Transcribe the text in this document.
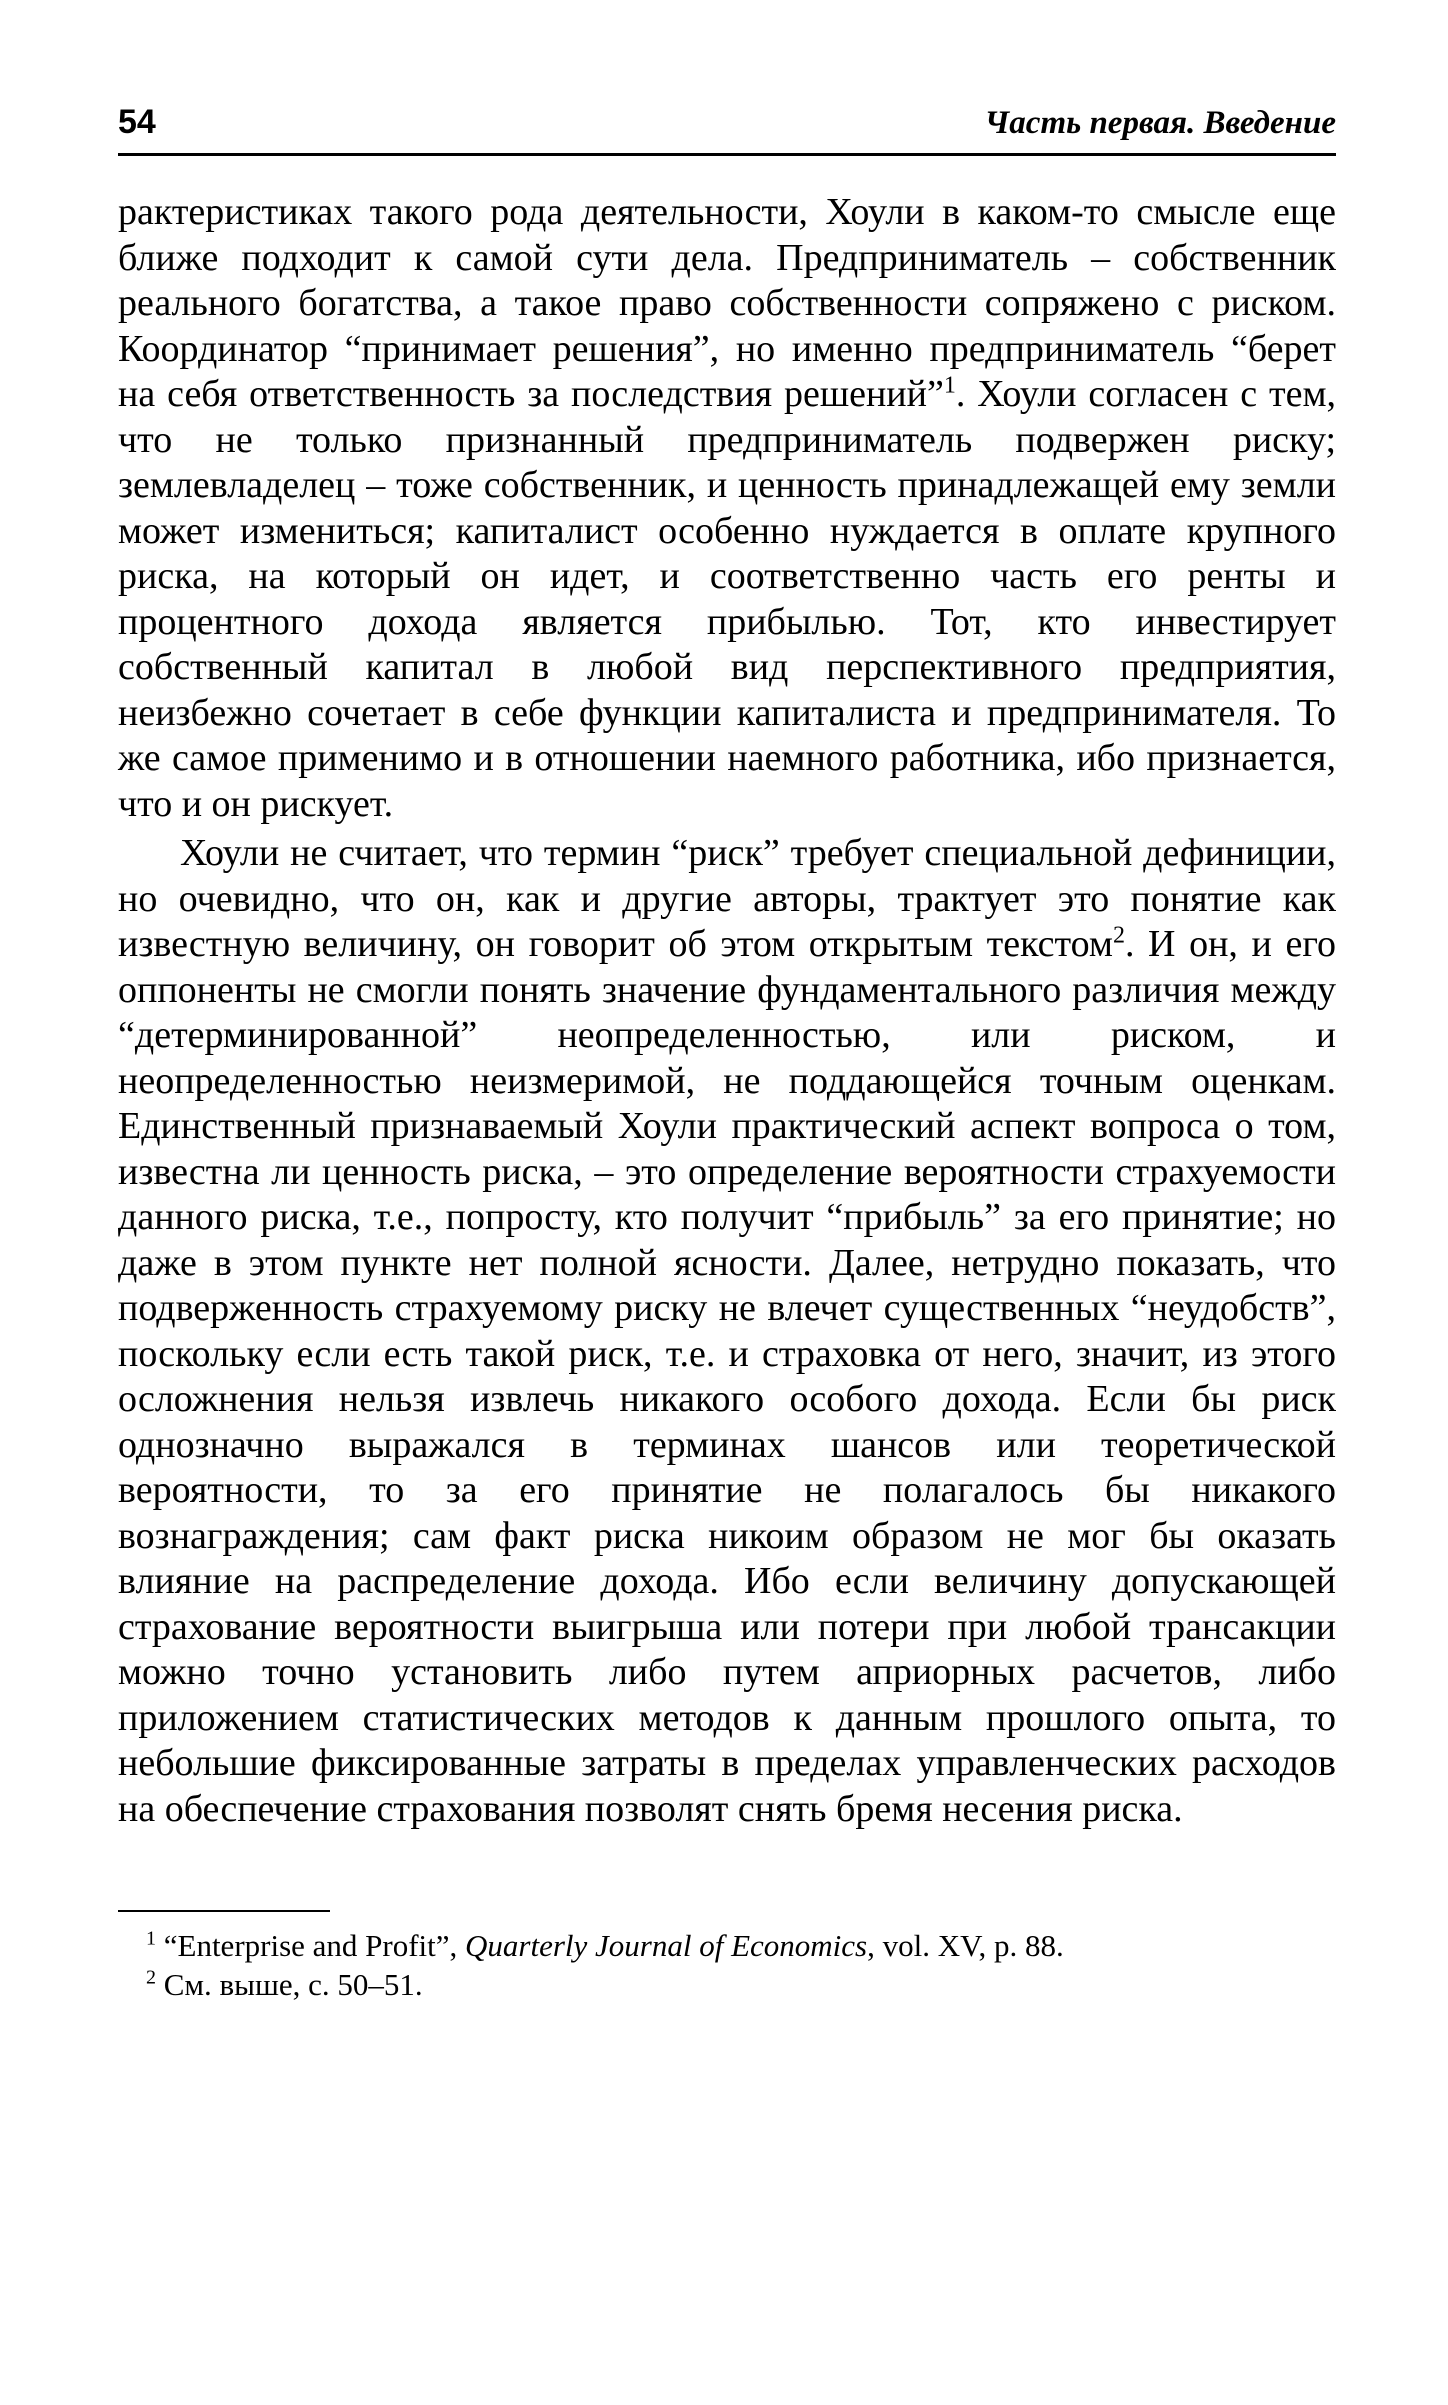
54	Часть первая. Введение

рактеристиках такого рода деятельности, Хоули в каком-то смысле еще ближе подходит к самой сути дела. Предприниматель – собственник реального богатства, а такое право собственности сопряжено с риском. Координатор “принимает решения”, но именно предприниматель “берет на себя ответственность за последствия решений”$^1$. Хоули согласен с тем, что не только признанный предприниматель подвержен риску; землевладелец – тоже собственник, и ценность принадлежащей ему земли может измениться; капиталист особенно нуждается в оплате крупного риска, на который он идет, и соответственно часть его ренты и процентного дохода является прибылью. Тот, кто инвестирует собственный капитал в любой вид перспективного предприятия, неизбежно сочетает в себе функции капиталиста и предпринимателя. То же самое применимо и в отношении наемного работника, ибо признается, что и он рискует.

Хоули не считает, что термин “риск” требует специальной дефиниции, но очевидно, что он, как и другие авторы, трактует это понятие как известную величину, он говорит об этом открытым текстом$^2$. И он, и его оппоненты не смогли понять значение фундаментального различия между “детерминированной” неопределенностью, или риском, и неопределенностью неизмеримой, не поддающейся точным оценкам. Единственный признаваемый Хоули практический аспект вопроса о том, известна ли ценность риска, – это определение вероятности страхуемости данного риска, т.е., попросту, кто получит “прибыль” за его принятие; но даже в этом пункте нет полной ясности. Далее, нетрудно показать, что подверженность страхуемому риску не влечет существенных “неудобств”, поскольку если есть такой риск, т.е. и страховка от него, значит, из этого осложнения нельзя извлечь никакого особого дохода. Если бы риск однозначно выражался в терминах шансов или теоретической вероятности, то за его принятие не полагалось бы никакого вознаграждения; сам факт риска никоим образом не мог бы оказать влияние на распределение дохода. Ибо если величину допускающей страхование вероятности выигрыша или потери при любой трансакции можно точно установить либо путем априорных расчетов, либо приложением статистических методов к данным прошлого опыта, то небольшие фиксированные затраты в пределах управленческих расходов на обеспечение страхования позволят снять бремя несения риска.

$^1$ “Enterprise and Profit”, Quarterly Journal of Economics, vol. XV, p. 88.
$^2$ См. выше, с. 50–51.
